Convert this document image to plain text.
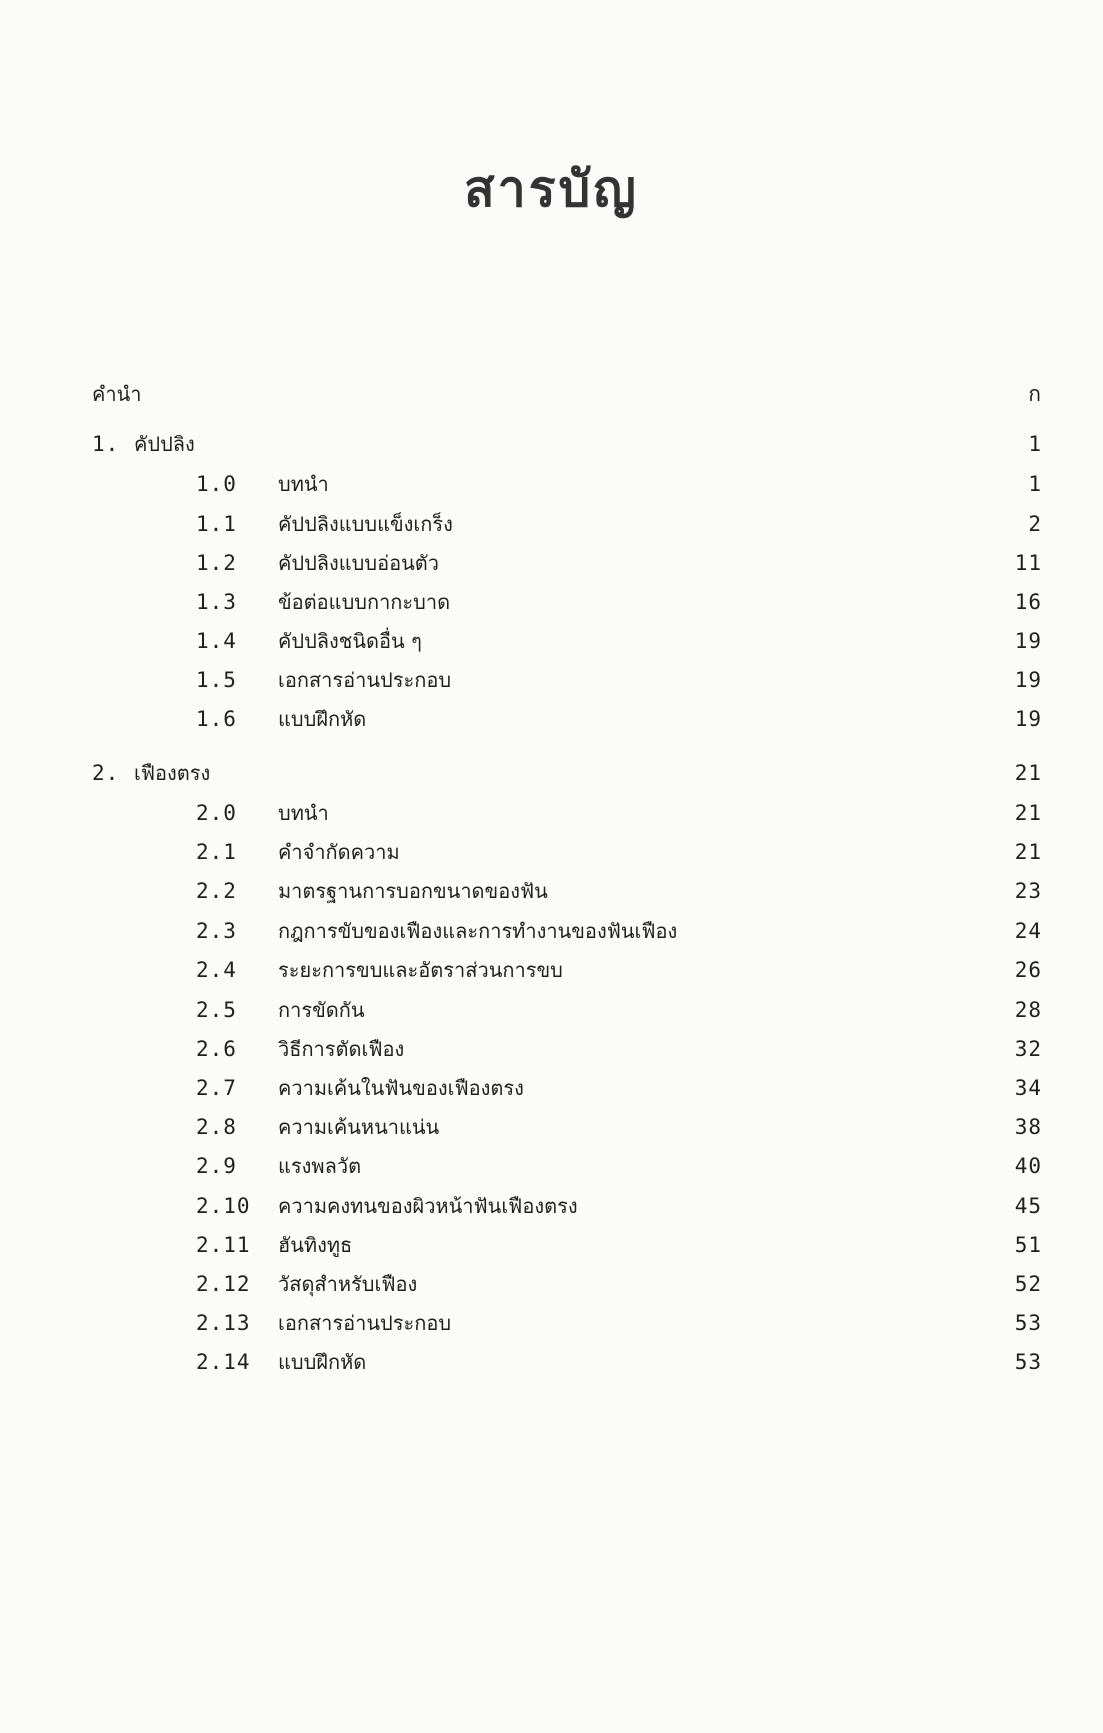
สารบัญ
คำนำ	ก
1. คัปปลิง	1
1.0 บทนำ	1
1.1 คัปปลิงแบบแข็งเกร็ง	2
1.2 คัปปลิงแบบอ่อนตัว	11
1.3 ข้อต่อแบบกากะบาด	16
1.4 คัปปลิงชนิดอื่น ๆ	19
1.5 เอกสารอ่านประกอบ	19
1.6 แบบฝึกหัด	19
2. เฟืองตรง	21
2.0 บทนำ	21
2.1 คำจำกัดความ	21
2.2 มาตรฐานการบอกขนาดของฟัน	23
2.3 กฎการขับของเฟืองและการทำงานของฟันเฟือง	24
2.4 ระยะการขบและอัตราส่วนการขบ	26
2.5 การขัดกัน	28
2.6 วิธีการตัดเฟือง	32
2.7 ความเค้นในฟันของเฟืองตรง	34
2.8 ความเค้นหนาแน่น	38
2.9 แรงพลวัต	40
2.10 ความคงทนของผิวหน้าฟันเฟืองตรง	45
2.11 ฮันทิงทูธ	51
2.12 วัสดุสำหรับเฟือง	52
2.13 เอกสารอ่านประกอบ	53
2.14 แบบฝึกหัด	53
